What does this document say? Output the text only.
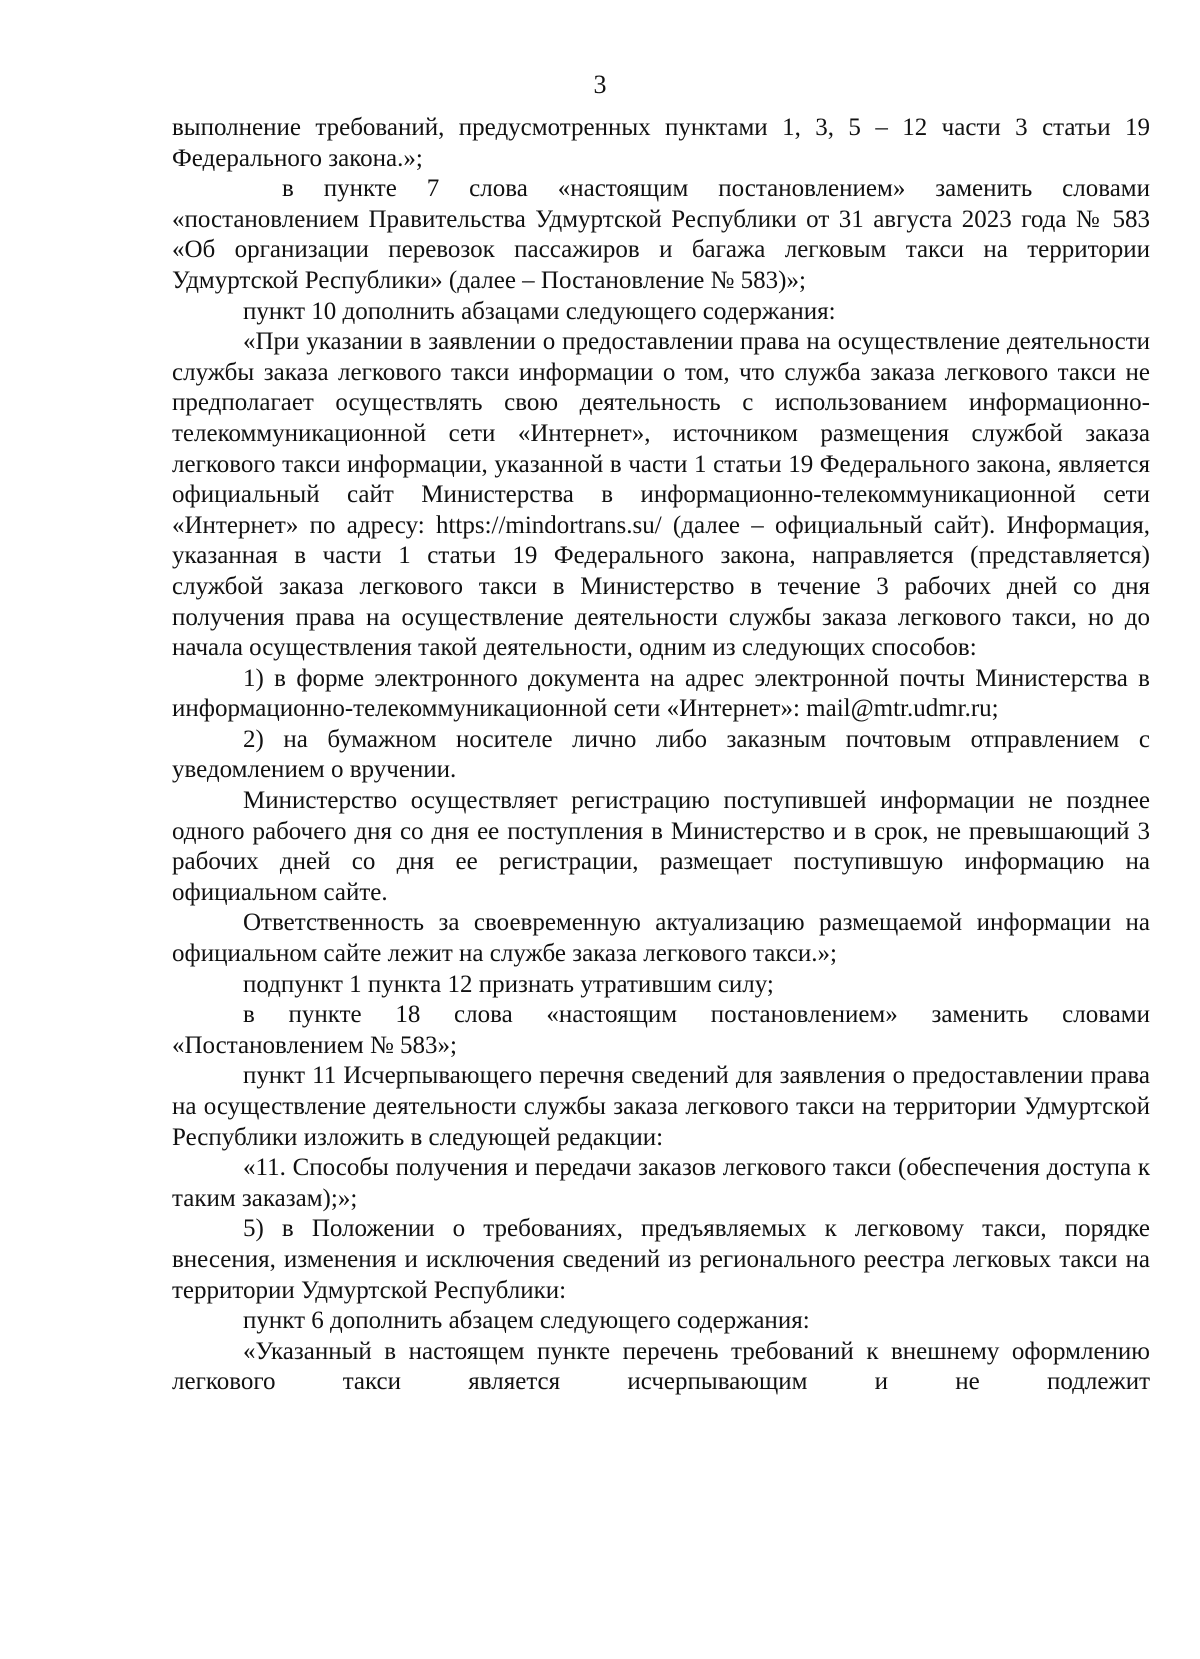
3

выполнение требований, предусмотренных пунктами 1, 3, 5 – 12 части 3 статьи 19 Федерального закона.»;

в пункте 7 слова «настоящим постановлением» заменить словами «постановлением Правительства Удмуртской Республики от 31 августа 2023 года № 583 «Об организации перевозок пассажиров и багажа легковым такси на территории Удмуртской Республики» (далее – Постановление № 583)»;

пункт 10 дополнить абзацами следующего содержания:

«При указании в заявлении о предоставлении права на осуществление деятельности службы заказа легкового такси информации о том, что служба заказа легкового такси не предполагает осуществлять свою деятельность с использованием информационно-телекоммуникационной сети «Интернет», источником размещения службой заказа легкового такси информации, указанной в части 1 статьи 19 Федерального закона, является официальный сайт Министерства в информационно-телекоммуникационной сети «Интернет» по адресу: https://mindortrans.su/ (далее – официальный сайт). Информация, указанная в части 1 статьи 19 Федерального закона, направляется (представляется) службой заказа легкового такси в Министерство в течение 3 рабочих дней со дня получения права на осуществление деятельности службы заказа легкового такси, но до начала осуществления такой деятельности, одним из следующих способов:

1) в форме электронного документа на адрес электронной почты Министерства в информационно-телекоммуникационной сети «Интернет»: mail@mtr.udmr.ru;

2) на бумажном носителе лично либо заказным почтовым отправлением с уведомлением о вручении.

Министерство осуществляет регистрацию поступившей информации не позднее одного рабочего дня со дня ее поступления в Министерство и в срок, не превышающий 3 рабочих дней со дня ее регистрации, размещает поступившую информацию на официальном сайте.

Ответственность за своевременную актуализацию размещаемой информации на официальном сайте лежит на службе заказа легкового такси.»;

подпункт 1 пункта 12 признать утратившим силу;

в пункте 18 слова «настоящим постановлением» заменить словами «Постановлением № 583»;

пункт 11 Исчерпывающего перечня сведений для заявления о предоставлении права на осуществление деятельности службы заказа легкового такси на территории Удмуртской Республики изложить в следующей редакции:

«11. Способы получения и передачи заказов легкового такси (обеспечения доступа к таким заказам);»;

5) в Положении о требованиях, предъявляемых к легковому такси, порядке внесения, изменения и исключения сведений из регионального реестра легковых такси на территории Удмуртской Республики:

пункт 6 дополнить абзацем следующего содержания:

«Указанный в настоящем пункте перечень требований к внешнему оформлению легкового такси является исчерпывающим и не подлежит
